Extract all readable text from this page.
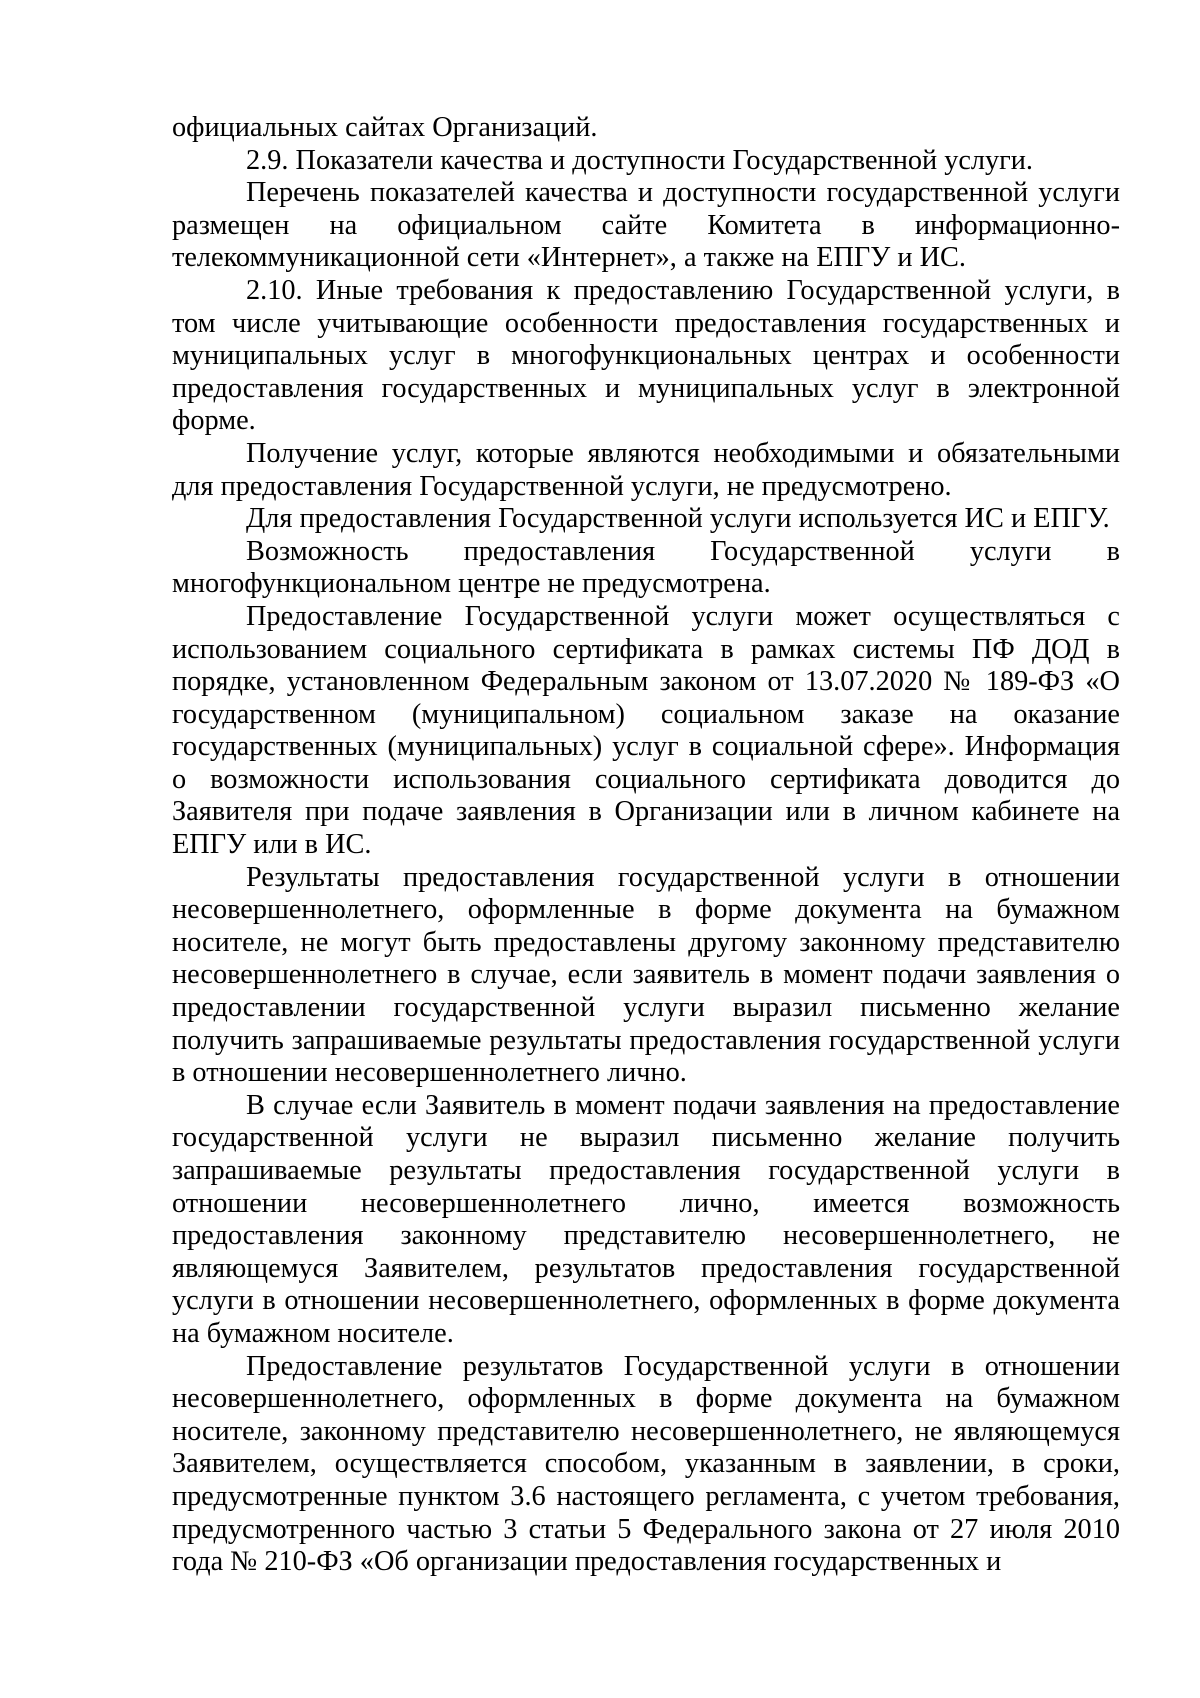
официальных сайтах Организаций.

2.9. Показатели качества и доступности Государственной услуги.

Перечень показателей качества и доступности государственной услуги размещен на официальном сайте Комитета в информационно-телекоммуникационной сети «Интернет», а также на ЕПГУ и ИС.

2.10. Иные требования к предоставлению Государственной услуги, в том числе учитывающие особенности предоставления государственных и муниципальных услуг в многофункциональных центрах и особенности предоставления государственных и муниципальных услуг в электронной форме.

Получение услуг, которые являются необходимыми и обязательными для предоставления Государственной услуги, не предусмотрено.

Для предоставления Государственной услуги используется ИС и ЕПГУ.

Возможность предоставления Государственной услуги в многофункциональном центре не предусмотрена.

Предоставление Государственной услуги может осуществляться с использованием социального сертификата в рамках системы ПФ ДОД в порядке, установленном Федеральным законом от 13.07.2020 № 189-ФЗ «О государственном (муниципальном) социальном заказе на оказание государственных (муниципальных) услуг в социальной сфере». Информация о возможности использования социального сертификата доводится до Заявителя при подаче заявления в Организации или в личном кабинете на ЕПГУ или в ИС.

Результаты предоставления государственной услуги в отношении несовершеннолетнего, оформленные в форме документа на бумажном носителе, не могут быть предоставлены другому законному представителю несовершеннолетнего в случае, если заявитель в момент подачи заявления о предоставлении государственной услуги выразил письменно желание получить запрашиваемые результаты предоставления государственной услуги в отношении несовершеннолетнего лично.

В случае если Заявитель в момент подачи заявления на предоставление государственной услуги не выразил письменно желание получить запрашиваемые результаты предоставления государственной услуги в отношении несовершеннолетнего лично, имеется возможность предоставления законному представителю несовершеннолетнего, не являющемуся Заявителем, результатов предоставления государственной услуги в отношении несовершеннолетнего, оформленных в форме документа на бумажном носителе.

Предоставление результатов Государственной услуги в отношении несовершеннолетнего, оформленных в форме документа на бумажном носителе, законному представителю несовершеннолетнего, не являющемуся Заявителем, осуществляется способом, указанным в заявлении, в сроки, предусмотренные пунктом 3.6 настоящего регламента, с учетом требования, предусмотренного частью 3 статьи 5 Федерального закона от 27 июля 2010 года № 210-ФЗ «Об организации предоставления государственных и
